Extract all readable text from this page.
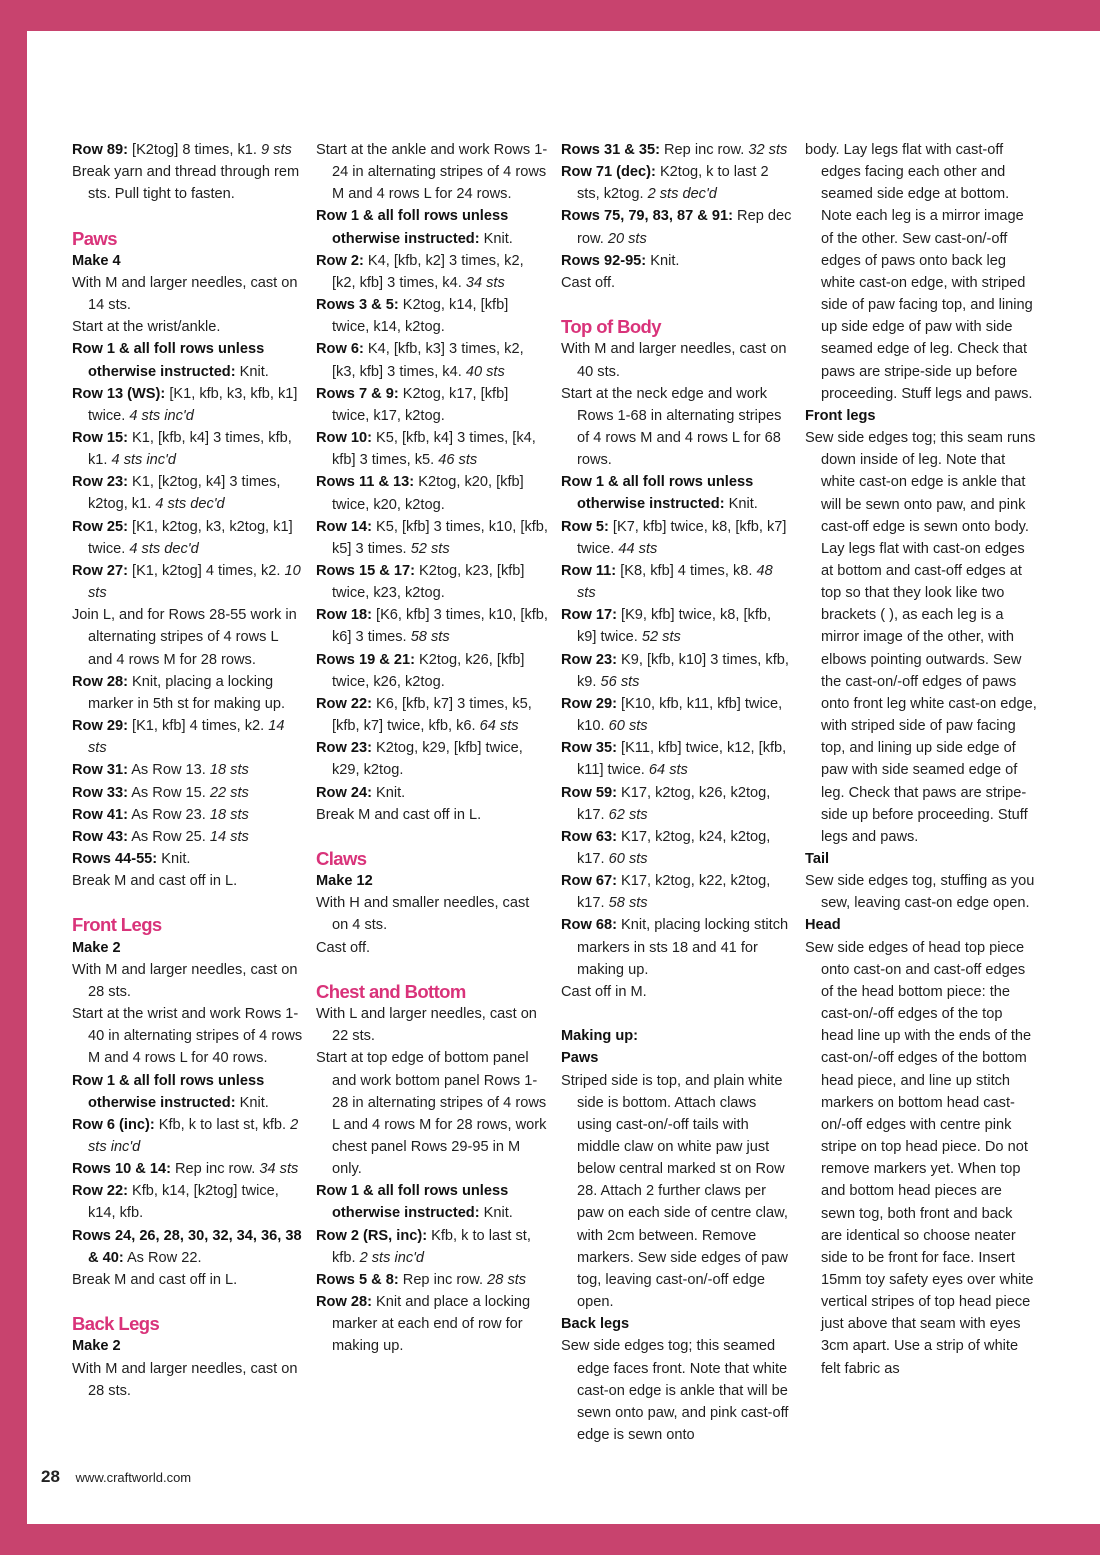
Row 89: [K2tog] 8 times, k1. 9 sts

Break yarn and thread through rem sts. Pull tight to fasten.

Paws
Make 4

With M and larger needles, cast on 14 sts.

Start at the wrist/ankle.

Row 1 & all foll rows unless otherwise instructed: Knit.

Row 13 (WS): [K1, kfb, k3, kfb, k1] twice. 4 sts inc'd

Row 15: K1, [kfb, k4] 3 times, kfb, k1. 4 sts inc'd

Row 23: K1, [k2tog, k4] 3 times, k2tog, k1. 4 sts dec'd

Row 25: [K1, k2tog, k3, k2tog, k1] twice. 4 sts dec'd

Row 27: [K1, k2tog] 4 times, k2. 10 sts

Join L, and for Rows 28-55 work in alternating stripes of 4 rows L and 4 rows M for 28 rows.

Row 28: Knit, placing a locking marker in 5th st for making up.

Row 29: [K1, kfb] 4 times, k2. 14 sts

Row 31: As Row 13. 18 sts

Row 33: As Row 15. 22 sts

Row 41: As Row 23. 18 sts

Row 43: As Row 25. 14 sts

Rows 44-55: Knit.

Break M and cast off in L.

Front Legs
Make 2

With M and larger needles, cast on 28 sts.

Start at the wrist and work Rows 1-40 in alternating stripes of 4 rows M and 4 rows L for 40 rows.

Row 1 & all foll rows unless otherwise instructed: Knit.

Row 6 (inc): Kfb, k to last st, kfb. 2 sts inc'd

Rows 10 & 14: Rep inc row. 34 sts

Row 22: Kfb, k14, [k2tog] twice, k14, kfb.

Rows 24, 26, 28, 30, 32, 34, 36, 38 & 40: As Row 22.

Break M and cast off in L.

Back Legs
Make 2

With M and larger needles, cast on 28 sts.

Start at the ankle and work Rows 1-24 in alternating stripes of 4 rows M and 4 rows L for 24 rows.

Row 1 & all foll rows unless otherwise instructed: Knit.

Row 2: K4, [kfb, k2] 3 times, k2, [k2, kfb] 3 times, k4. 34 sts

Rows 3 & 5: K2tog, k14, [kfb] twice, k14, k2tog.

Row 6: K4, [kfb, k3] 3 times, k2, [k3, kfb] 3 times, k4. 40 sts

Rows 7 & 9: K2tog, k17, [kfb] twice, k17, k2tog.

Row 10: K5, [kfb, k4] 3 times, [k4, kfb] 3 times, k5. 46 sts

Rows 11 & 13: K2tog, k20, [kfb] twice, k20, k2tog.

Row 14: K5, [kfb] 3 times, k10, [kfb, k5] 3 times. 52 sts

Rows 15 & 17: K2tog, k23, [kfb] twice, k23, k2tog.

Row 18: [K6, kfb] 3 times, k10, [kfb, k6] 3 times. 58 sts

Rows 19 & 21: K2tog, k26, [kfb] twice, k26, k2tog.

Row 22: K6, [kfb, k7] 3 times, k5, [kfb, k7] twice, kfb, k6. 64 sts

Row 23: K2tog, k29, [kfb] twice, k29, k2tog.

Row 24: Knit.

Break M and cast off in L.

Claws
Make 12

With H and smaller needles, cast on 4 sts.

Cast off.

Chest and Bottom

With L and larger needles, cast on 22 sts.

Start at top edge of bottom panel and work bottom panel Rows 1-28 in alternating stripes of 4 rows L and 4 rows M for 28 rows, work chest panel Rows 29-95 in M only.

Row 1 & all foll rows unless otherwise instructed: Knit.

Row 2 (RS, inc): Kfb, k to last st, kfb. 2 sts inc'd

Rows 5 & 8: Rep inc row. 28 sts

Row 28: Knit and place a locking marker at each end of row for making up.

Rows 31 & 35: Rep inc row. 32 sts

Row 71 (dec): K2tog, k to last 2 sts, k2tog. 2 sts dec'd

Rows 75, 79, 83, 87 & 91: Rep dec row. 20 sts

Rows 92-95: Knit.

Cast off.

Top of Body

With M and larger needles, cast on 40 sts.

Start at the neck edge and work Rows 1-68 in alternating stripes of 4 rows M and 4 rows L for 68 rows.

Row 1 & all foll rows unless otherwise instructed: Knit.

Row 5: [K7, kfb] twice, k8, [kfb, k7] twice. 44 sts

Row 11: [K8, kfb] 4 times, k8. 48 sts

Row 17: [K9, kfb] twice, k8, [kfb, k9] twice. 52 sts

Row 23: K9, [kfb, k10] 3 times, kfb, k9. 56 sts

Row 29: [K10, kfb, k11, kfb] twice, k10. 60 sts

Row 35: [K11, kfb] twice, k12, [kfb, k11] twice. 64 sts

Row 59: K17, k2tog, k26, k2tog, k17. 62 sts

Row 63: K17, k2tog, k24, k2tog, k17. 60 sts

Row 67: K17, k2tog, k22, k2tog, k17. 58 sts

Row 68: Knit, placing locking stitch markers in sts 18 and 41 for making up.

Cast off in M.

Making up:
Paws

Striped side is top, and plain white side is bottom. Attach claws using cast-on/-off tails with middle claw on white paw just below central marked st on Row 28. Attach 2 further claws per paw on each side of centre claw, with 2cm between. Remove markers. Sew side edges of paw tog, leaving cast-on/-off edge open.

Back legs

Sew side edges tog; this seamed edge faces front. Note that white cast-on edge is ankle that will be sewn onto paw, and pink cast-off edge is sewn onto

body. Lay legs flat with cast-off edges facing each other and seamed side edge at bottom. Note each leg is a mirror image of the other. Sew cast-on/-off edges of paws onto back leg white cast-on edge, with striped side of paw facing top, and lining up side edge of paw with side seamed edge of leg. Check that paws are stripe-side up before proceeding. Stuff legs and paws.

Front legs

Sew side edges tog; this seam runs down inside of leg. Note that white cast-on edge is ankle that will be sewn onto paw, and pink cast-off edge is sewn onto body. Lay legs flat with cast-on edges at bottom and cast-off edges at top so that they look like two brackets ( ), as each leg is a mirror image of the other, with elbows pointing outwards. Sew the cast-on/-off edges of paws onto front leg white cast-on edge, with striped side of paw facing top, and lining up side edge of paw with side seamed edge of leg. Check that paws are stripe-side up before proceeding. Stuff legs and paws.

Tail

Sew side edges tog, stuffing as you sew, leaving cast-on edge open.

Head

Sew side edges of head top piece onto cast-on and cast-off edges of the head bottom piece: the cast-on/-off edges of the top head line up with the ends of the cast-on/-off edges of the bottom head piece, and line up stitch markers on bottom head cast-on/-off edges with centre pink stripe on top head piece. Do not remove markers yet. When top and bottom head pieces are sewn tog, both front and back are identical so choose neater side to be front for face. Insert 15mm toy safety eyes over white vertical stripes of top head piece just above that seam with eyes 3cm apart. Use a strip of white felt fabric as

28 www.craftworld.com
